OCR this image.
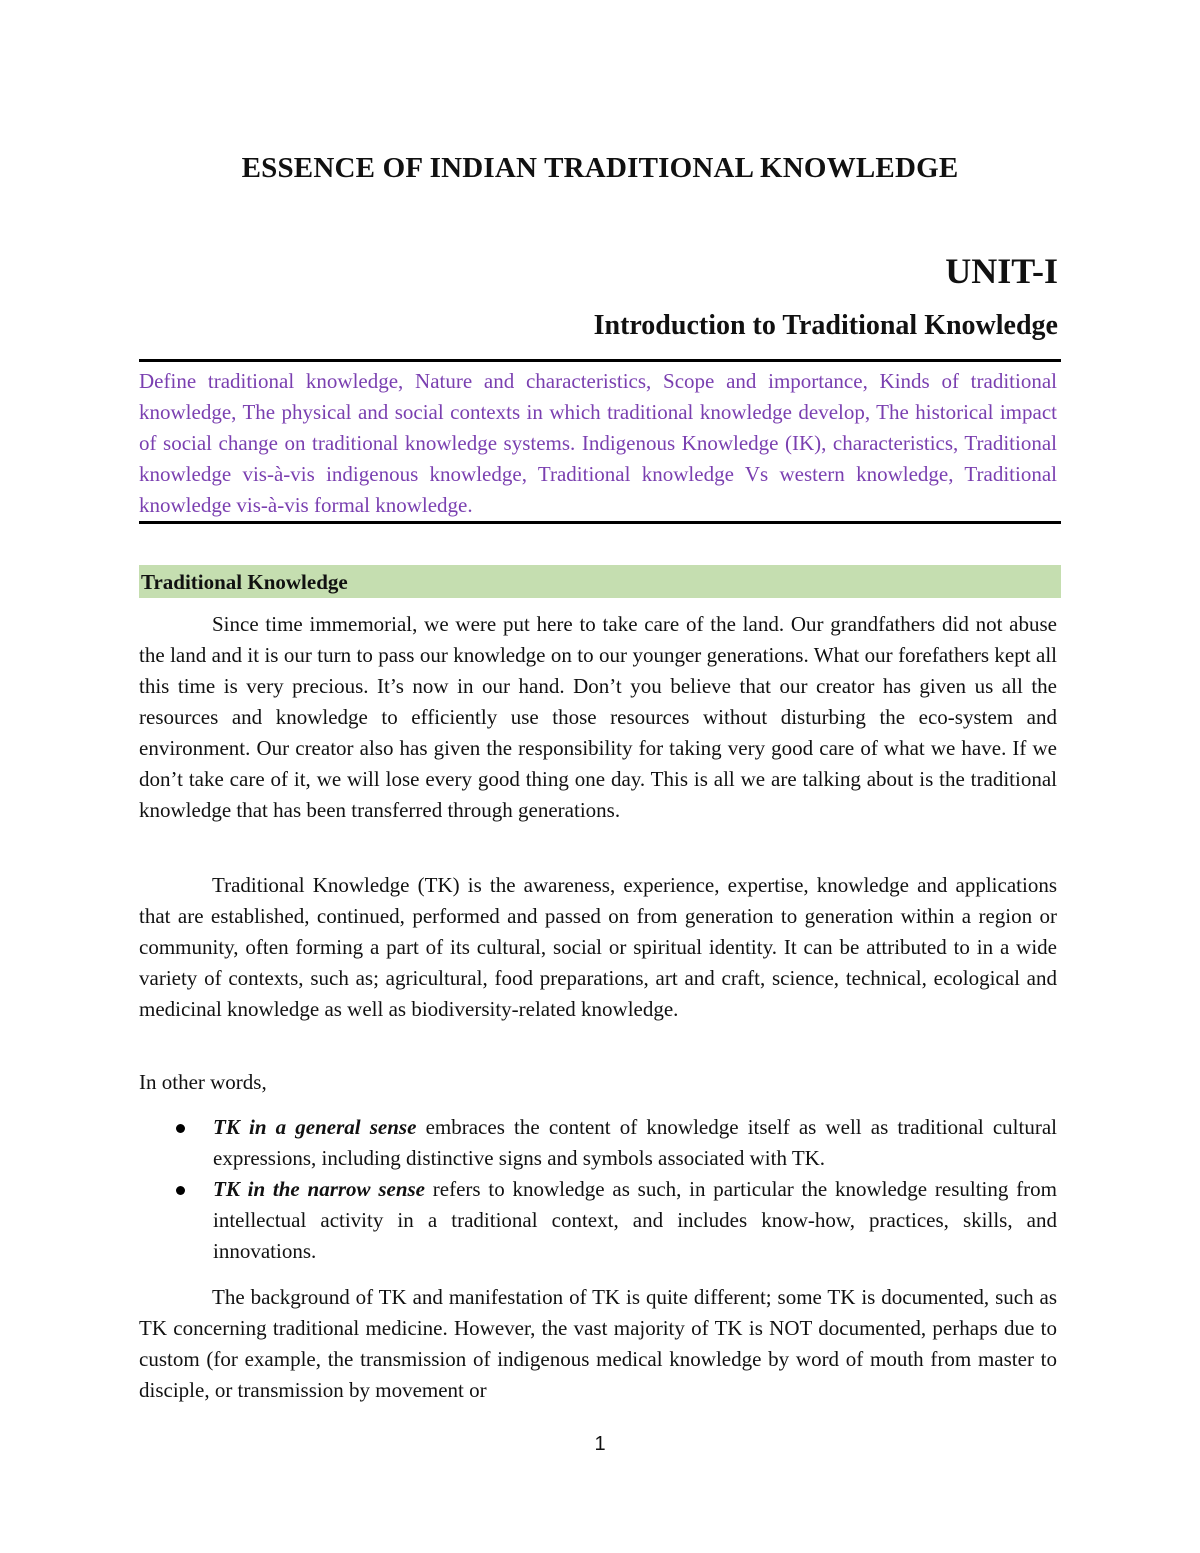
ESSENCE OF INDIAN TRADITIONAL KNOWLEDGE
UNIT-I
Introduction to Traditional Knowledge

Define traditional knowledge, Nature and characteristics, Scope and importance, Kinds of traditional knowledge, The physical and social contexts in which traditional knowledge develop, The historical impact of social change on traditional knowledge systems. Indigenous Knowledge (IK), characteristics, Traditional knowledge vis-à-vis indigenous knowledge, Traditional knowledge Vs western knowledge, Traditional knowledge vis-à-vis formal knowledge.

Traditional Knowledge

Since time immemorial, we were put here to take care of the land. Our grandfathers did not abuse the land and it is our turn to pass our knowledge on to our younger generations. What our forefathers kept all this time is very precious. It’s now in our hand. Don’t you believe that our creator has given us all the resources and knowledge to efficiently use those resources without disturbing the eco-system and environment. Our creator also has given the responsibility for taking very good care of what we have. If we don’t take care of it, we will lose every good thing one day. This is all we are talking about is the traditional knowledge that has been transferred through generations.

Traditional Knowledge (TK) is the awareness, experience, expertise, knowledge and applications that are established, continued, performed and passed on from generation to generation within a region or community, often forming a part of its cultural, social or spiritual identity. It can be attributed to in a wide variety of contexts, such as; agricultural, food preparations, art and craft, science, technical, ecological and medicinal knowledge as well as biodiversity-related knowledge.

In other words,

TK in a general sense embraces the content of knowledge itself as well as traditional cultural expressions, including distinctive signs and symbols associated with TK.
TK in the narrow sense refers to knowledge as such, in particular the knowledge resulting from intellectual activity in a traditional context, and includes know-how, practices, skills, and innovations.

The background of TK and manifestation of TK is quite different; some TK is documented, such as TK concerning traditional medicine. However, the vast majority of TK is NOT documented, perhaps due to custom (for example, the transmission of indigenous medical knowledge by word of mouth from master to disciple, or transmission by movement or

1
